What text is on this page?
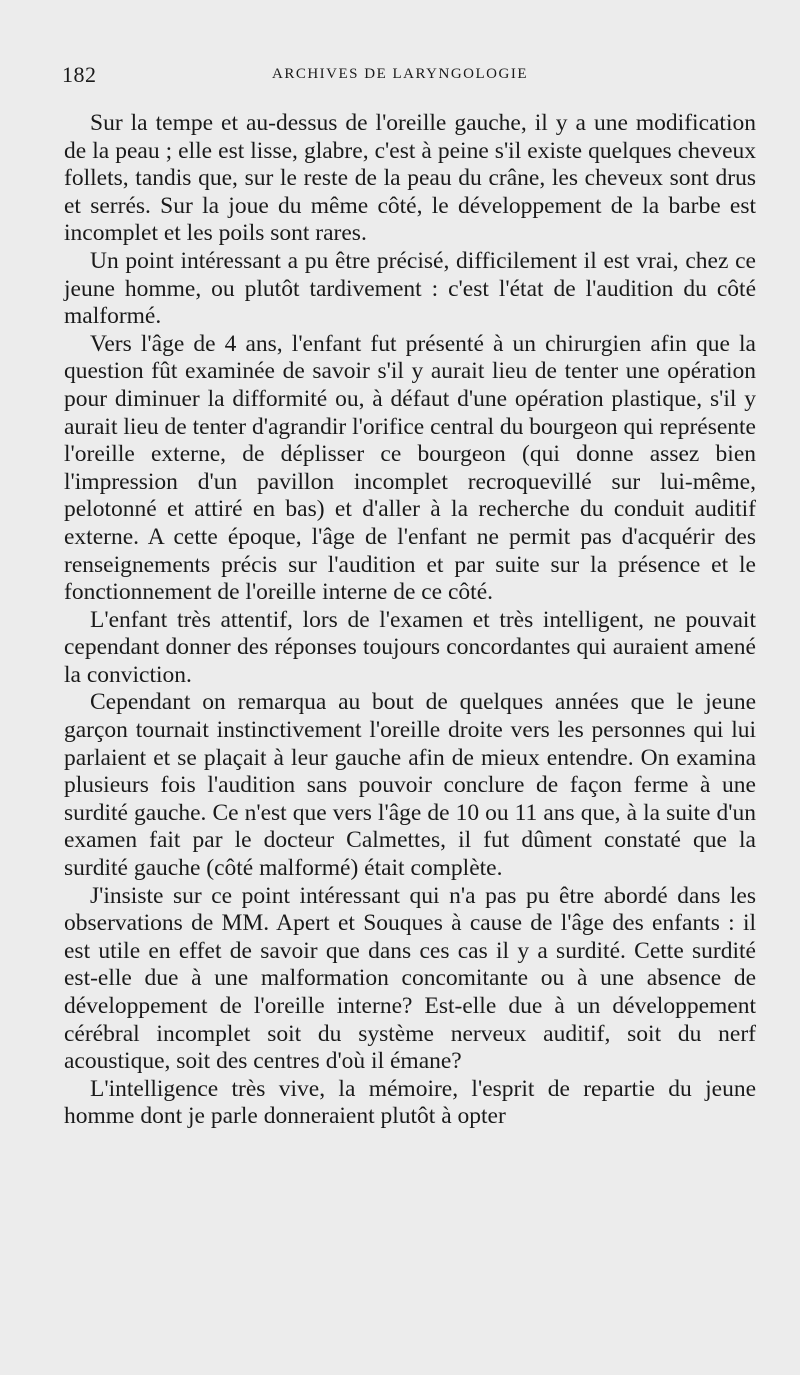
182	ARCHIVES DE LARYNGOLOGIE

Sur la tempe et au-dessus de l'oreille gauche, il y a une modification de la peau ; elle est lisse, glabre, c'est à peine s'il existe quelques cheveux follets, tandis que, sur le reste de la peau du crâne, les cheveux sont drus et serrés. Sur la joue du même côté, le développement de la barbe est incomplet et les poils sont rares.

Un point intéressant a pu être précisé, difficilement il est vrai, chez ce jeune homme, ou plutôt tardivement : c'est l'état de l'audition du côté malformé.

Vers l'âge de 4 ans, l'enfant fut présenté à un chirurgien afin que la question fût examinée de savoir s'il y aurait lieu de tenter une opération pour diminuer la difformité ou, à défaut d'une opération plastique, s'il y aurait lieu de tenter d'agrandir l'orifice central du bourgeon qui représente l'oreille externe, de déplisser ce bourgeon (qui donne assez bien l'impression d'un pavillon incomplet recroquevillé sur lui-même, pelotonné et attiré en bas) et d'aller à la recherche du conduit auditif externe. A cette époque, l'âge de l'enfant ne permit pas d'acquérir des renseignements précis sur l'audition et par suite sur la présence et le fonctionnement de l'oreille interne de ce côté.

L'enfant très attentif, lors de l'examen et très intelligent, ne pouvait cependant donner des réponses toujours concordantes qui auraient amené la conviction.

Cependant on remarqua au bout de quelques années que le jeune garçon tournait instinctivement l'oreille droite vers les personnes qui lui parlaient et se plaçait à leur gauche afin de mieux entendre. On examina plusieurs fois l'audition sans pouvoir conclure de façon ferme à une surdité gauche. Ce n'est que vers l'âge de 10 ou 11 ans que, à la suite d'un examen fait par le docteur Calmettes, il fut dûment constaté que la surdité gauche (côté malformé) était complète.

J'insiste sur ce point intéressant qui n'a pas pu être abordé dans les observations de MM. Apert et Souques à cause de l'âge des enfants : il est utile en effet de savoir que dans ces cas il y a surdité. Cette surdité est-elle due à une malformation concomitante ou à une absence de développement de l'oreille interne? Est-elle due à un développement cérébral incomplet soit du système nerveux auditif, soit du nerf acoustique, soit des centres d'où il émane?

L'intelligence très vive, la mémoire, l'esprit de repartie du jeune homme dont je parle donneraient plutôt à opter
